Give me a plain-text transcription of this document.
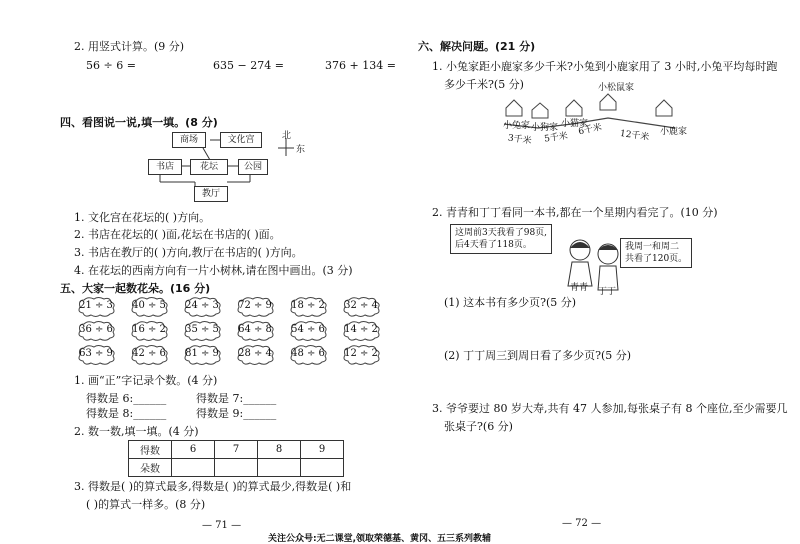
2. 用竖式计算。(9 分)
56 ÷ 6 =	635 − 274 =	376 + 134 =
四、看图说一说,填一填。(8 分)
商场	文化宫
书店	花坛	公园
教厅
北
东
1. 文化宫在花坛的( )方向。
2. 书店在花坛的( )面,花坛在书店的( )面。
3. 书店在教厅的( )方向,教厅在书店的( )方向。
4. 在花坛的西南方向有一片小树林,请在图中画出。(3 分)
五、大家一起数花朵。(16 分)
21 ÷ 3	40 ÷ 5	24 ÷ 3	72 ÷ 9	18 ÷ 2	32 ÷ 4
36 ÷ 6	16 ÷ 2	35 ÷ 5	64 ÷ 8	54 ÷ 6	14 ÷ 2
63 ÷ 9	42 ÷ 6	81 ÷ 9	28 ÷ 4	48 ÷ 6	12 ÷ 2
1. 画“正”字记录个数。(4 分)
得数是 6:______	得数是 7:______
得数是 8:______	得数是 9:______
2. 数一数,填一填。(4 分)
得数	6	7	8	9
朵数				
3. 得数是( )的算式最多,得数是( )的算式最少,得数是( )和
( )的算式一样多。(8 分)
— 71 —
六、解决问题。(21 分)
1. 小兔家距小鹿家多少千米?小兔到小鹿家用了 3 小时,小兔平均每时跑
多少千米?(5 分)
小兔家 小狗家 小猫家
小松鼠家
小鹿家
3千米 5千米
6千米 12千米
2. 青青和丁丁看同一本书,都在一个星期内看完了。(10 分)
这周前3天我看了98页,
后4天看了118页。	我周一和周二
共看了120页。
青青 丁丁
(1) 这本书有多少页?(5 分)
(2) 丁丁周三到周日看了多少页?(5 分)
3. 爷爷要过 80 岁大寿,共有 47 人参加,每张桌子有 8 个座位,至少需要几
张桌子?(6 分)
— 72 —
关注公众号:无二课堂,领取荣德基、黄冈、五三系列教辅
